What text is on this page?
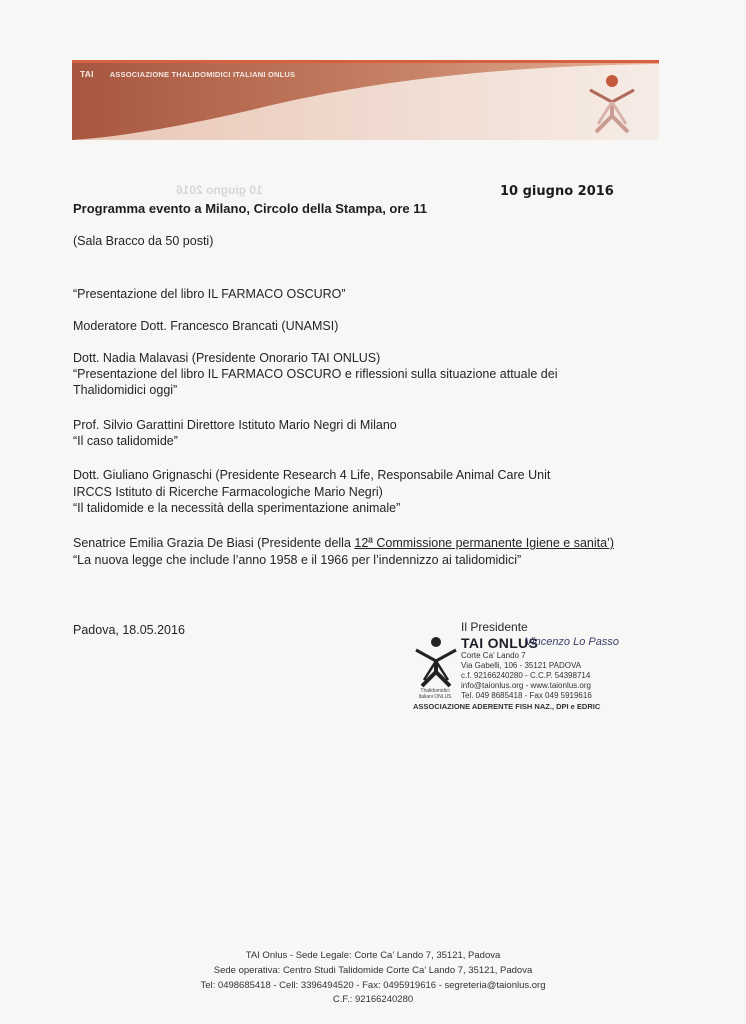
TAI ASSOCIAZIONE THALIDOMIDICI ITALIANI ONLUS
10 giugno 2016	10 giugno 2016
Programma evento a Milano, Circolo della Stampa, ore 11
(Sala Bracco da 50 posti)
“Presentazione del libro IL FARMACO OSCURO”
Moderatore Dott. Francesco Brancati (UNAMSI)
Dott. Nadia Malavasi (Presidente Onorario TAI ONLUS)
“Presentazione del libro IL FARMACO OSCURO e riflessioni sulla situazione attuale dei
Thalidomidici oggi”
Prof. Silvio Garattini Direttore Istituto Mario Negri di Milano
“Il caso talidomide”
Dott. Giuliano Grignaschi (Presidente Research 4 Life, Responsabile Animal Care Unit
IRCCS Istituto di Ricerche Farmacologiche Mario Negri)
“Il talidomide e la necessità della sperimentazione animale”
Senatrice Emilia Grazia De Biasi (Presidente della 12ª Commissione permanente Igiene e sanita’)
“La nuova legge che include l’anno 1958 e il 1966 per l’indennizzo ai talidomidici”
Padova, 18.05.2016	Il Presidente
TAI ONLUS
Vincenzo Lo Passo
Corte Ca’ Lando 7
Via Gabelli, 106 - 35121 PADOVA
c.f. 92166240280 - C.C.P. 54398714
info@taionlus.org - www.taionlus.org
Tel. 049 8685418 - Fax 049 5919616
Thalidomidici Italiani ONLUS
ASSOCIAZIONE ADERENTE FISH NAZ., DPI e EDRIC
TAI Onlus - Sede Legale: Corte Ca’ Lando 7, 35121, Padova
Sede operativa: Centro Studi Talidomide Corte Ca’ Lando 7, 35121, Padova
Tel: 0498685418 - Cell: 3396494520 - Fax: 0495919616 - segreteria@taionlus.org
C.F.: 92166240280
